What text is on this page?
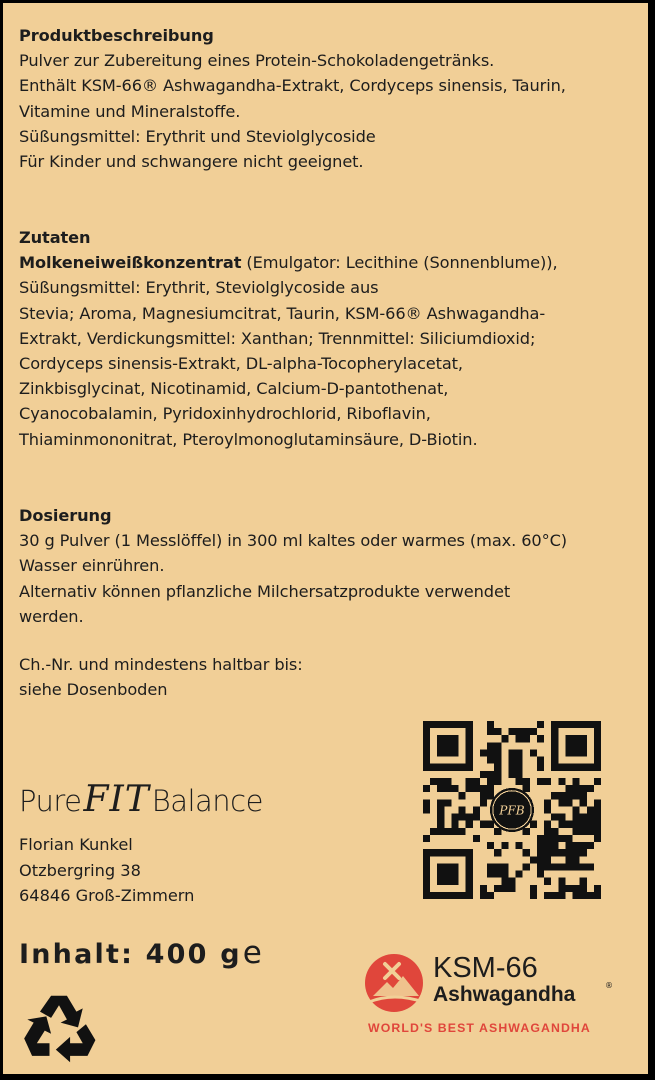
Produktbeschreibung
Pulver zur Zubereitung eines Protein-Schokoladengetränks.
Enthält KSM-66® Ashwagandha-Extrakt, Cordyceps sinensis, Taurin,
Vitamine und Mineralstoffe.
Süßungsmittel: Erythrit und Steviolglycoside
Für Kinder und schwangere nicht geeignet.
Zutaten
Molkeneiweißkonzentrat (Emulgator: Lecithine (Sonnenblume)),
Süßungsmittel: Erythrit, Steviolglycoside aus
Stevia; Aroma, Magnesiumcitrat, Taurin, KSM-66® Ashwagandha-
Extrakt, Verdickungsmittel: Xanthan; Trennmittel: Siliciumdioxid;
Cordyceps sinensis-Extrakt, DL-alpha-Tocopherylacetat,
Zinkbisglycinat, Nicotinamid, Calcium-D-pantothenat,
Cyanocobalamin, Pyridoxinhydrochlorid, Riboflavin,
Thiaminmononitrat, Pteroylmonoglutaminsäure, D-Biotin.
Dosierung
30 g Pulver (1 Messlöffel) in 300 ml kaltes oder warmes (max. 60°C)
Wasser einrühren.
Alternativ können pflanzliche Milchersatzprodukte verwendet
werden.
Ch.-Nr. und mindestens haltbar bis:
siehe Dosenboden
PureFITBalance
Florian Kunkel
Otzbergring 38
64846 Groß-Zimmern
Inhalt: 400 ge
PFB
KSM-66
Ashwagandha	®
WORLD'S BEST ASHWAGANDHA
